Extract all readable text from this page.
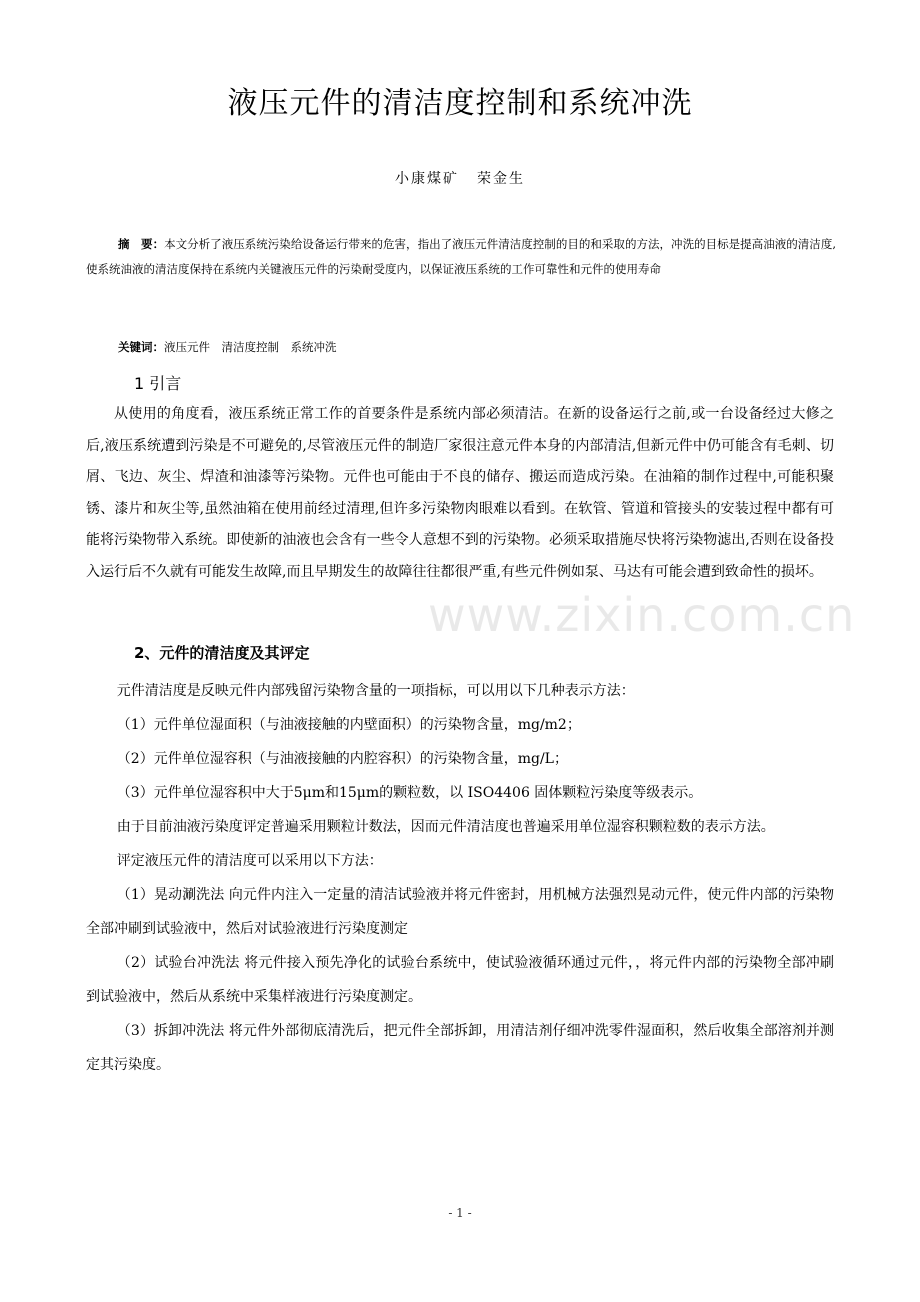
www.zixin.com.cn
液压元件的清洁度控制和系统冲洗
小康煤矿 荣金生
摘　要：本文分析了液压系统污染给设备运行带来的危害，指出了液压元件清洁度控制的目的和采取的方法，冲洗的目标是提高油液的清洁度,使系统油液的清洁度保持在系统内关键液压元件的污染耐受度内，以保证液压系统的工作可靠性和元件的使用寿命
关键词：液压元件　清洁度控制　系统冲洗
1 引言
从使用的角度看，液压系统正常工作的首要条件是系统内部必须清洁。在新的设备运行之前,或一台设备经过大修之后,液压系统遭到污染是不可避免的,尽管液压元件的制造厂家很注意元件本身的内部清洁,但新元件中仍可能含有毛刺、切屑、飞边、灰尘、焊渣和油漆等污染物。元件也可能由于不良的储存、搬运而造成污染。在油箱的制作过程中,可能积聚锈、漆片和灰尘等,虽然油箱在使用前经过清理,但许多污染物肉眼难以看到。在软管、管道和管接头的安装过程中都有可能将污染物带入系统。即使新的油液也会含有一些令人意想不到的污染物。必须采取措施尽快将污染物滤出,否则在设备投入运行后不久就有可能发生故障,而且早期发生的故障往往都很严重,有些元件例如泵、马达有可能会遭到致命性的损坏。
2、元件的清洁度及其评定

元件清洁度是反映元件内部残留污染物含量的一项指标，可以用以下几种表示方法：

（1）元件单位湿面积（与油液接触的内壁面积）的污染物含量，mg/m2；

（2）元件单位湿容积（与油液接触的内腔容积）的污染物含量，mg/L；

（3）元件单位湿容积中大于5μm和15μm的颗粒数，以 ISO4406 固体颗粒污染度等级表示。

由于目前油液污染度评定普遍采用颗粒计数法，因而元件清洁度也普遍采用单位湿容积颗粒数的表示方法。

评定液压元件的清洁度可以采用以下方法：

（1）晃动涮洗法 向元件内注入一定量的清洁试验液并将元件密封，用机械方法强烈晃动元件，使元件内部的污染物全部冲刷到试验液中，然后对试验液进行污染度测定

（2）试验台冲洗法 将元件接入预先净化的试验台系统中，使试验液循环通过元件，，将元件内部的污染物全部冲刷到试验液中，然后从系统中采集样液进行污染度测定。

（3）拆卸冲洗法 将元件外部彻底清洗后，把元件全部拆卸，用清洁剂仔细冲洗零件湿面积，然后收集全部溶剂并测定其污染度。

- 1 -
